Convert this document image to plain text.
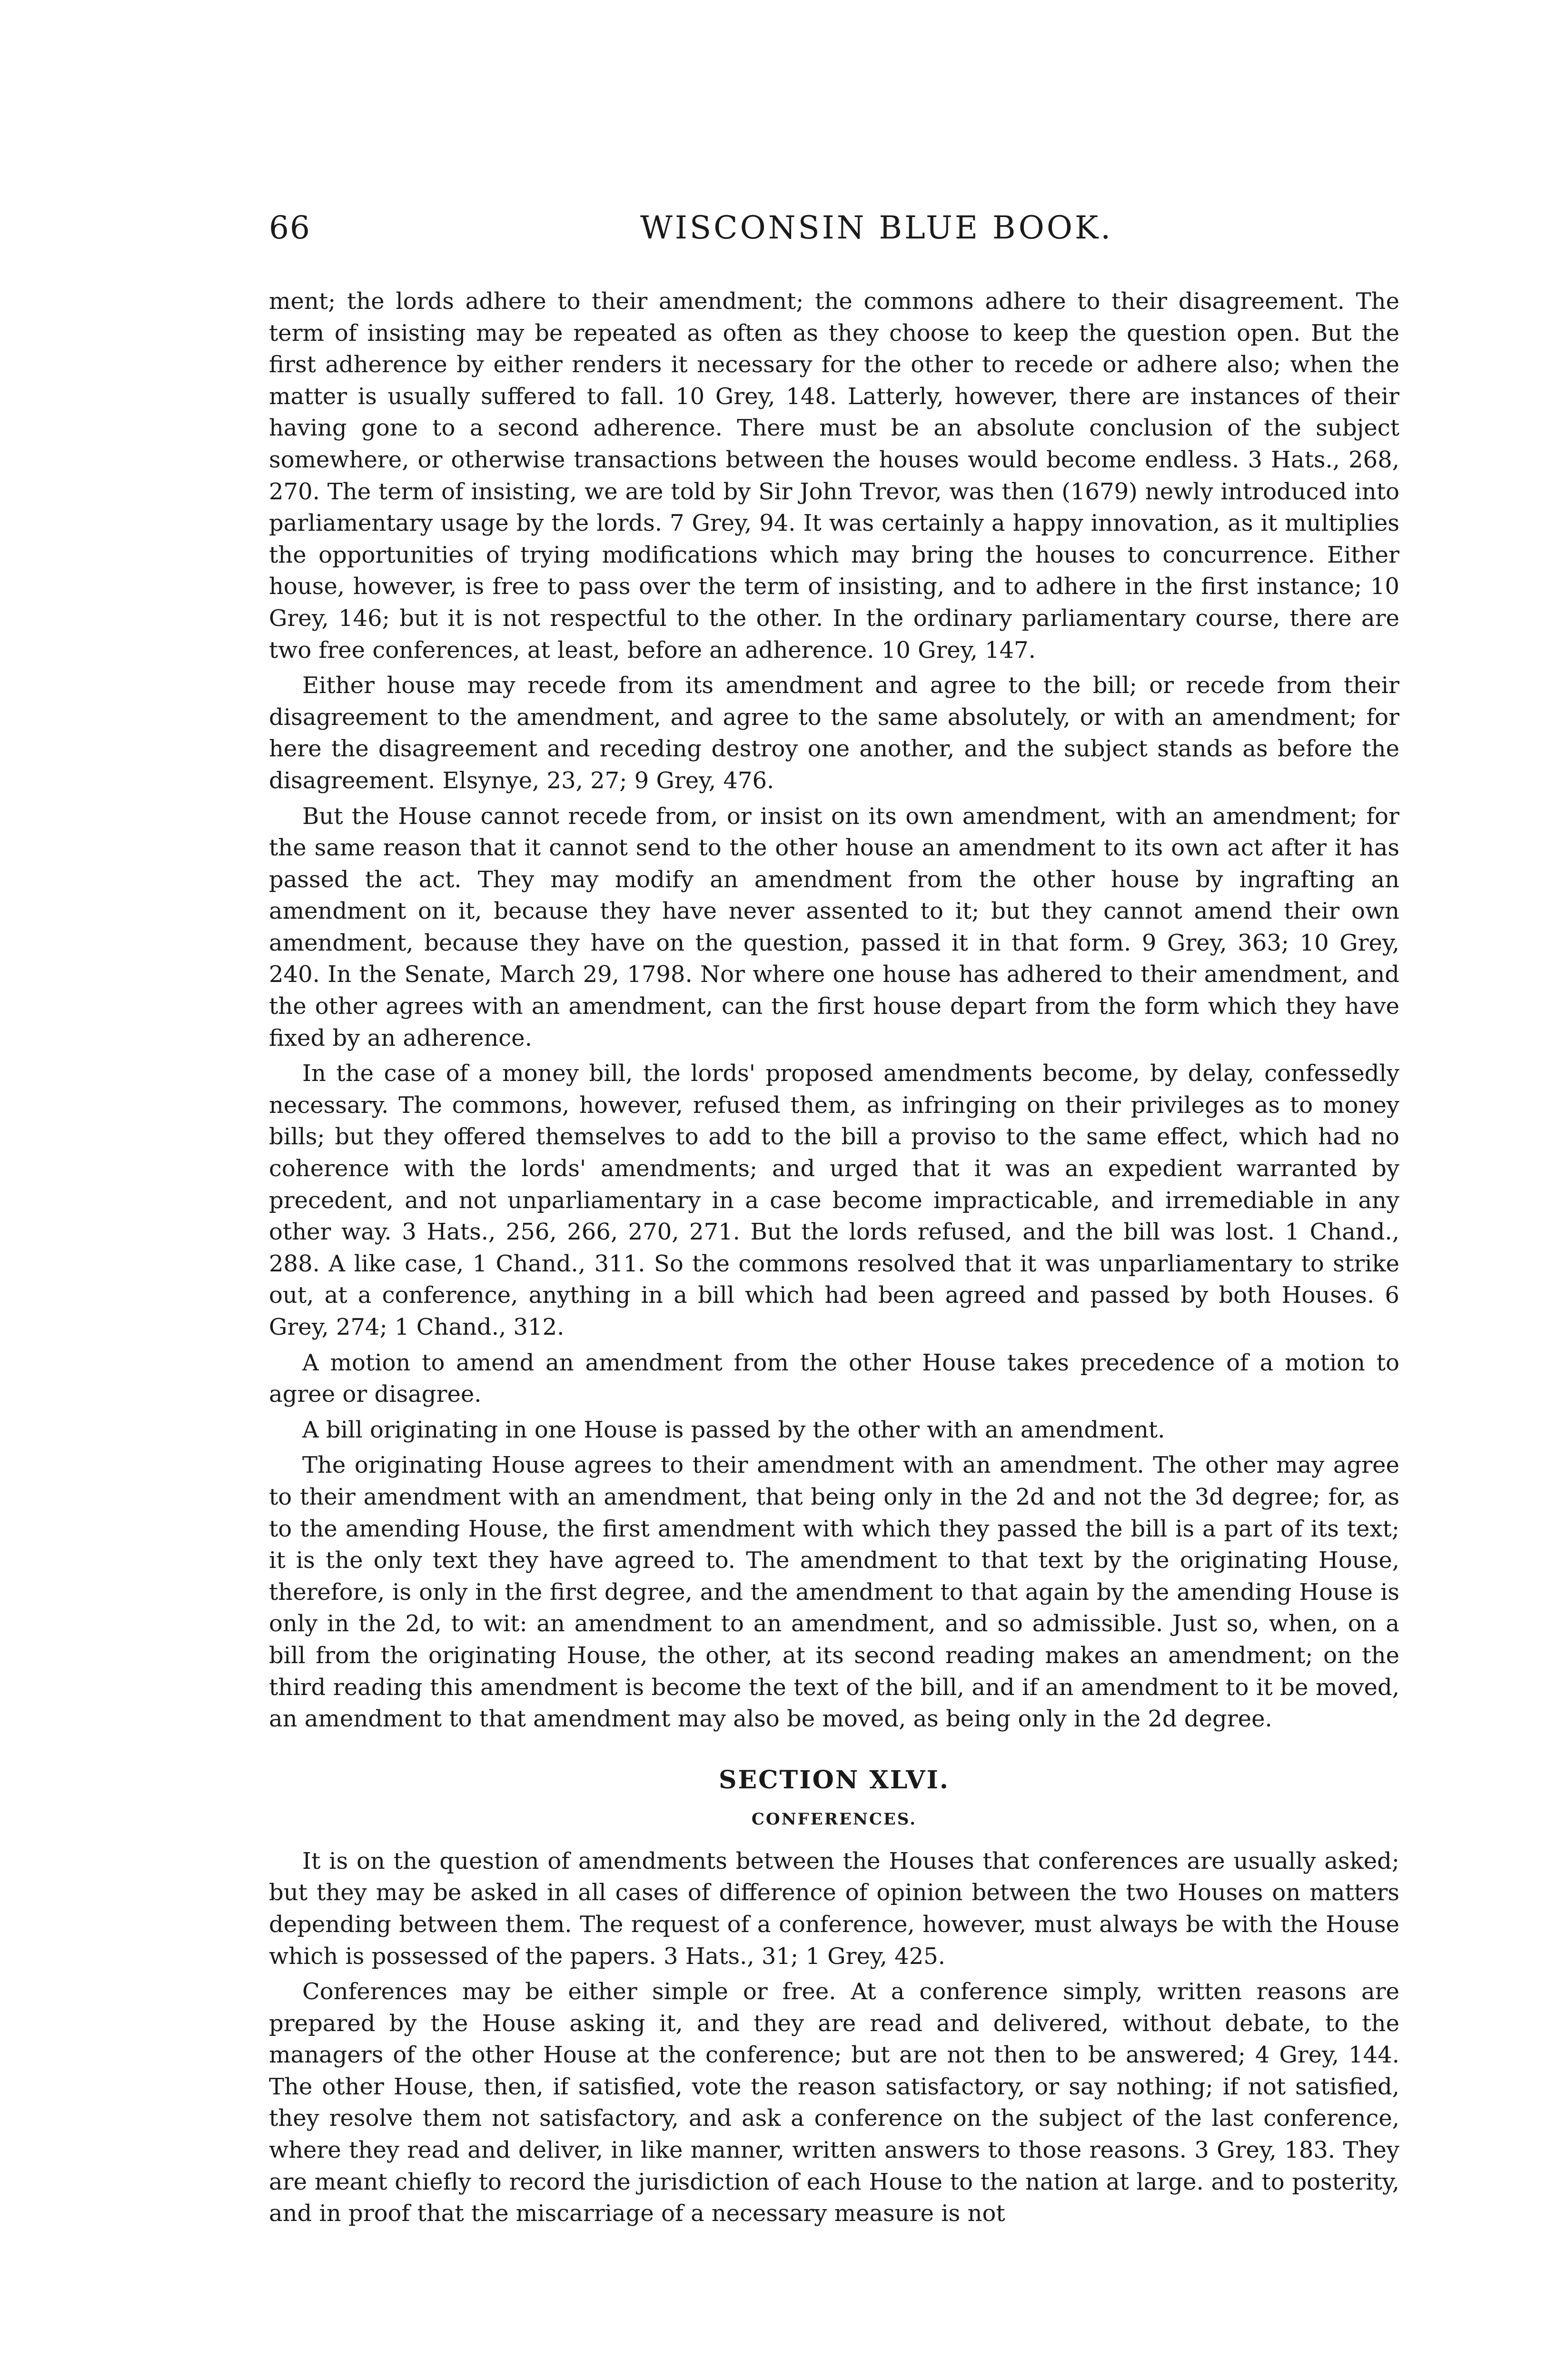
66	WISCONSIN BLUE BOOK.

ment; the lords adhere to their amendment; the commons adhere to their disagreement. The term of insisting may be repeated as often as they choose to keep the question open. But the first adherence by either renders it necessary for the other to recede or adhere also; when the matter is usually suffered to fall. 10 Grey, 148. Latterly, however, there are instances of their having gone to a second adherence. There must be an absolute conclusion of the subject somewhere, or otherwise transactions between the houses would become endless. 3 Hats., 268, 270. The term of insisting, we are told by Sir John Trevor, was then (1679) newly introduced into parliamentary usage by the lords. 7 Grey, 94. It was certainly a happy innovation, as it multiplies the opportunities of trying modifications which may bring the houses to concurrence. Either house, however, is free to pass over the term of insisting, and to adhere in the first instance; 10 Grey, 146; but it is not respectful to the other. In the ordinary parliamentary course, there are two free conferences, at least, before an adherence. 10 Grey, 147.

Either house may recede from its amendment and agree to the bill; or recede from their disagreement to the amendment, and agree to the same absolutely, or with an amendment; for here the disagreement and receding destroy one another, and the subject stands as before the disagreement. Elsynye, 23, 27; 9 Grey, 476.

But the House cannot recede from, or insist on its own amendment, with an amendment; for the same reason that it cannot send to the other house an amendment to its own act after it has passed the act. They may modify an amendment from the other house by ingrafting an amendment on it, because they have never assented to it; but they cannot amend their own amendment, because they have on the question, passed it in that form. 9 Grey, 363; 10 Grey, 240. In the Senate, March 29, 1798. Nor where one house has adhered to their amendment, and the other agrees with an amendment, can the first house depart from the form which they have fixed by an adherence.

In the case of a money bill, the lords' proposed amendments become, by delay, confessedly necessary. The commons, however, refused them, as infringing on their privileges as to money bills; but they offered themselves to add to the bill a proviso to the same effect, which had no coherence with the lords' amendments; and urged that it was an expedient warranted by precedent, and not unparliamentary in a case become impracticable, and irremediable in any other way. 3 Hats., 256, 266, 270, 271. But the lords refused, and the bill was lost. 1 Chand., 288. A like case, 1 Chand., 311. So the commons resolved that it was unparliamentary to strike out, at a conference, anything in a bill which had been agreed and passed by both Houses. 6 Grey, 274; 1 Chand., 312.

A motion to amend an amendment from the other House takes precedence of a motion to agree or disagree.

A bill originating in one House is passed by the other with an amendment.

The originating House agrees to their amendment with an amendment. The other may agree to their amendment with an amendment, that being only in the 2d and not the 3d degree; for, as to the amending House, the first amendment with which they passed the bill is a part of its text; it is the only text they have agreed to. The amendment to that text by the originating House, therefore, is only in the first degree, and the amendment to that again by the amending House is only in the 2d, to wit: an amendment to an amendment, and so admissible. Just so, when, on a bill from the originating House, the other, at its second reading makes an amendment; on the third reading this amendment is become the text of the bill, and if an amendment to it be moved, an amendment to that amendment may also be moved, as being only in the 2d degree.

SECTION XLVI.
CONFERENCES.

It is on the question of amendments between the Houses that conferences are usually asked; but they may be asked in all cases of difference of opinion between the two Houses on matters depending between them. The request of a conference, however, must always be with the House which is possessed of the papers. 3 Hats., 31; 1 Grey, 425.

Conferences may be either simple or free. At a conference simply, written reasons are prepared by the House asking it, and they are read and delivered, without debate, to the managers of the other House at the conference; but are not then to be answered; 4 Grey, 144. The other House, then, if satisfied, vote the reason satisfactory, or say nothing; if not satisfied, they resolve them not satisfactory, and ask a conference on the subject of the last conference, where they read and deliver, in like manner, written answers to those reasons. 3 Grey, 183. They are meant chiefly to record the jurisdiction of each House to the nation at large. and to posterity, and in proof that the miscarriage of a necessary measure is not
